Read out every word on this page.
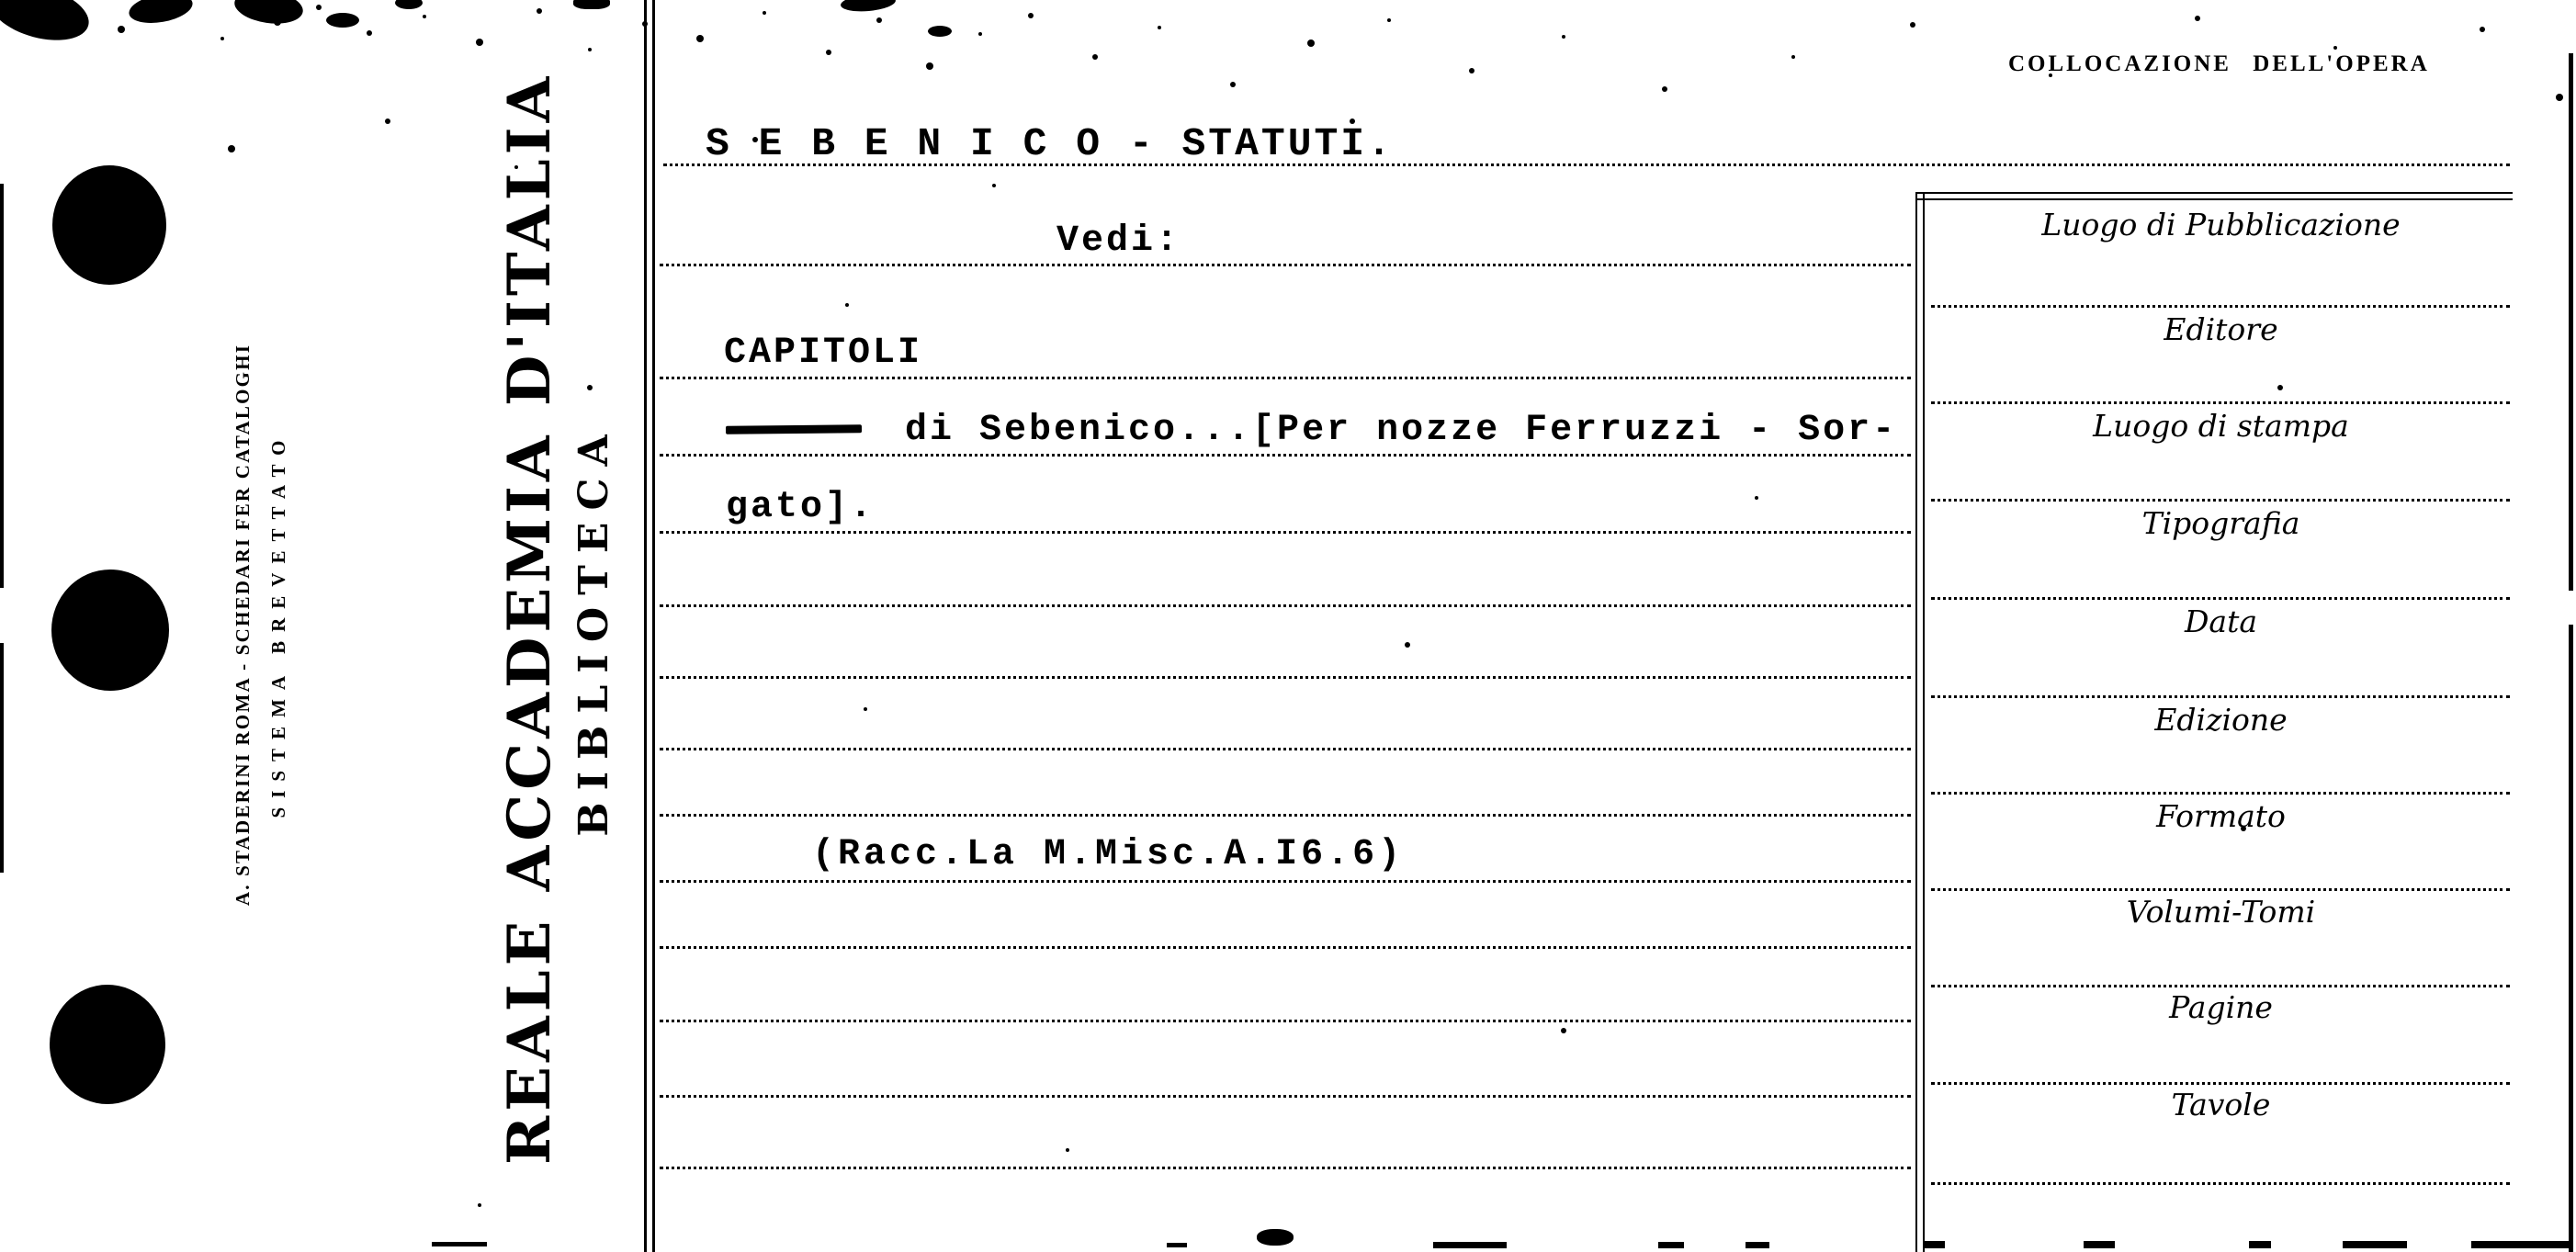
A. STADERINI ROMA - SCHEDARI FER CATALOGHI SISTEMA BREVETTATO	REALE ACCADEMIA D'ITALIA BIBLIOTECA
COLLOCAZIONE DELL'OPERA
S E B E N I C O - STATUTI.
Vedi:
CAPITOLI
di Sebenico...[Per nozze Ferruzzi - Sor-
gato].
(Racc.La M.Misc.A.I6.6)
Luogo di Pubblicazione
Editore
Luogo di stampa
Tipografia
Data
Edizione
Formato
Volumi-Tomi
Pagine
Tavole
